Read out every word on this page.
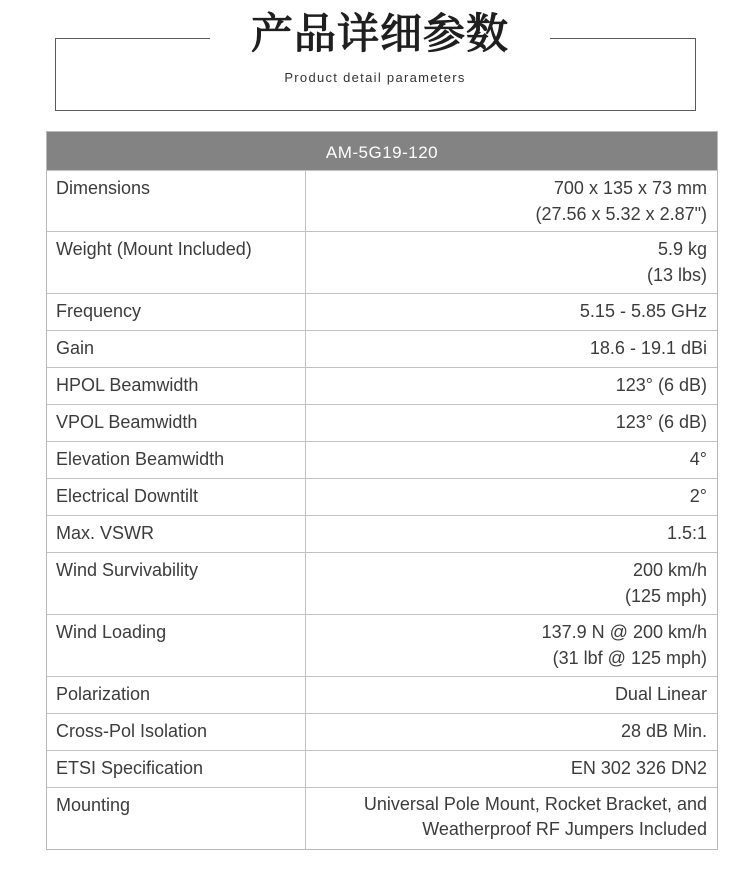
产品详细参数
Product detail parameters
AM-5G19-120
Dimensions	700 x 135 x 73 mm
(27.56 x 5.32 x 2.87")
Weight (Mount Included)	5.9 kg
(13 lbs)
Frequency	5.15 - 5.85 GHz
Gain	18.6 - 19.1 dBi
HPOL Beamwidth	123° (6 dB)
VPOL Beamwidth	123° (6 dB)
Elevation Beamwidth	4°
Electrical Downtilt	2°
Max. VSWR	1.5:1
Wind Survivability	200 km/h
(125 mph)
Wind Loading	137.9 N @ 200 km/h
(31 lbf @ 125 mph)
Polarization	Dual Linear
Cross-Pol Isolation	28 dB Min.
ETSI Specification	EN 302 326 DN2
Mounting	Universal Pole Mount, Rocket Bracket, and
Weatherproof RF Jumpers Included
